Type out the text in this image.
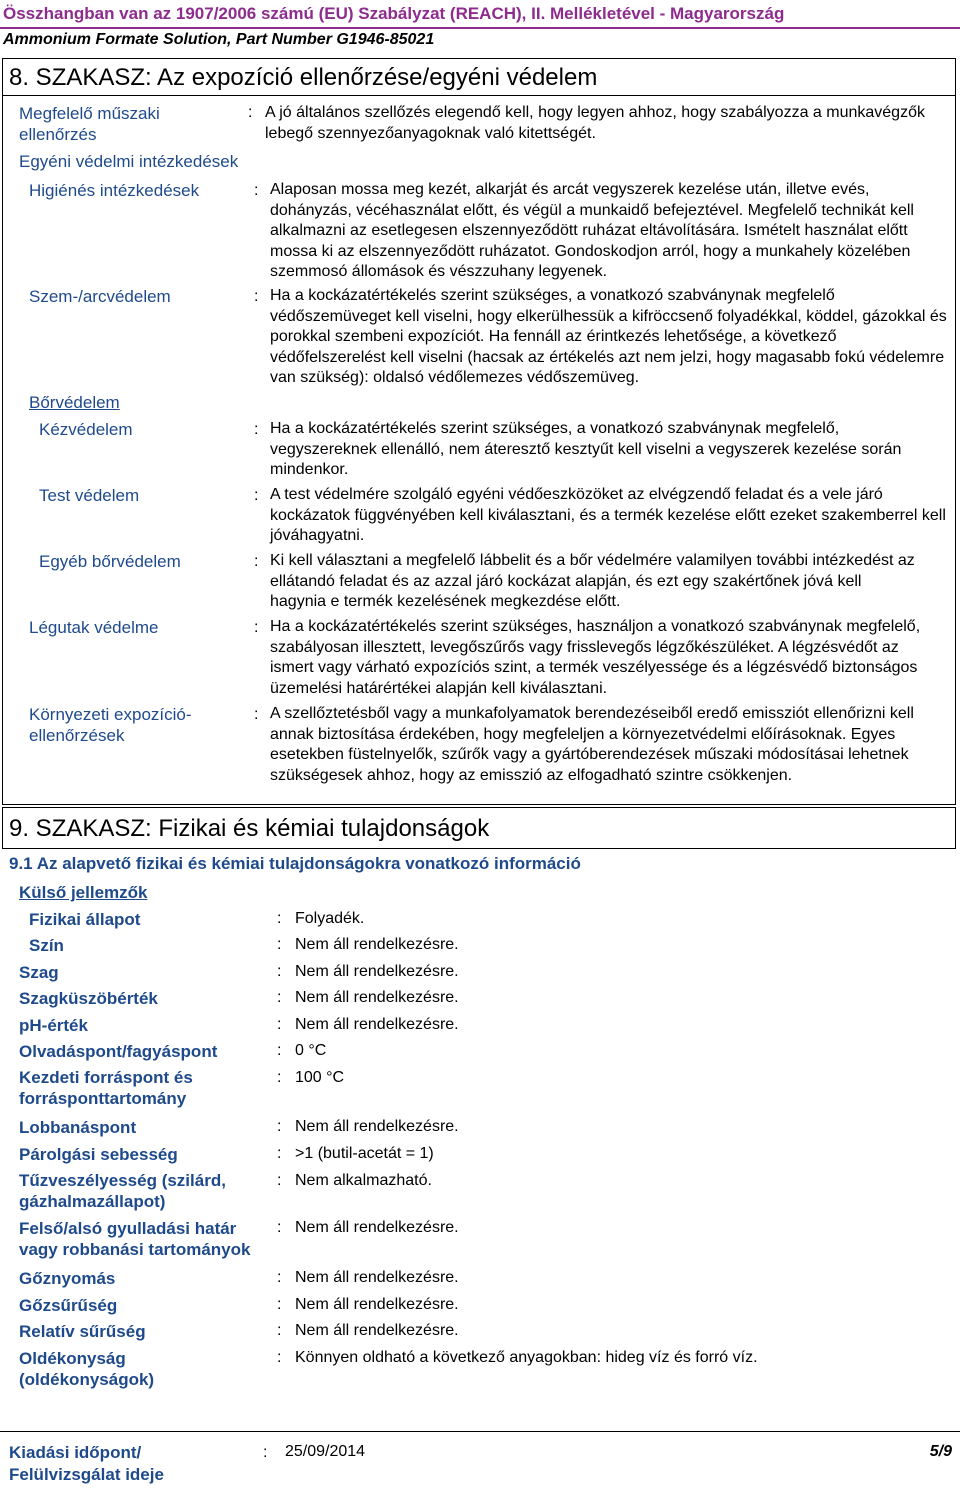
Összhangban van az 1907/2006 számú (EU) Szabályzat (REACH), II. Mellékletével - Magyarország
Ammonium Formate Solution, Part Number G1946-85021
8. SZAKASZ: Az expozíció ellenőrzése/egyéni védelem
Megfelelő műszaki ellenőrzés
: A jó általános szellőzés elegendő kell, hogy legyen ahhoz, hogy szabályozza a munkavégzők lebegő szennyezőanyagoknak való kitettségét.
Egyéni védelmi intézkedések
Higiénés intézkedések	: Alaposan mossa meg kezét, alkarját és arcát vegyszerek kezelése után, illetve evés, dohányzás, vécéhasználat előtt, és végül a munkaidő befejeztével. Megfelelő technikát kell alkalmazni az esetlegesen elszennyeződött ruházat eltávolítására. Ismételt használat előtt mossa ki az elszennyeződött ruházatot. Gondoskodjon arról, hogy a munkahely közelében szemmosó állomások és vészzuhany legyenek.
Szem-/arcvédelem	: Ha a kockázatértékelés szerint szükséges, a vonatkozó szabványnak megfelelő védőszemüveget kell viselni, hogy elkerülhessük a kifröccsenő folyadékkal, köddel, gázokkal és porokkal szembeni expozíciót. Ha fennáll az érintkezés lehetősége, a következő védőfelszerelést kell viselni (hacsak az értékelés azt nem jelzi, hogy magasabb fokú védelemre van szükség): oldalsó védőlemezes védőszemüveg.
Bőrvédelem
Kézvédelem	: Ha a kockázatértékelés szerint szükséges, a vonatkozó szabványnak megfelelő, vegyszereknek ellenálló, nem áteresztő kesztyűt kell viselni a vegyszerek kezelése során mindenkor.
Test védelem	: A test védelmére szolgáló egyéni védőeszközöket az elvégzendő feladat és a vele járó kockázatok függvényében kell kiválasztani, és a termék kezelése előtt ezeket szakemberrel kell jóváhagyatni.
Egyéb bőrvédelem	: Ki kell választani a megfelelő lábbelit és a bőr védelmére valamilyen további intézkedést az ellátandó feladat és az azzal járó kockázat alapján, és ezt egy szakértőnek jóvá kell hagynia e termék kezelésének megkezdése előtt.
Légutak védelme	: Ha a kockázatértékelés szerint szükséges, használjon a vonatkozó szabványnak megfelelő, szabályosan illesztett, levegőszűrős vagy frisslevegős légzőkészüléket. A légzésvédőt az ismert vagy várható expozíciós szint, a termék veszélyessége és a légzésvédő biztonságos üzemelési határértékei alapján kell kiválasztani.
Környezeti expozíció-ellenőrzések
: A szellőztetésből vagy a munkafolyamatok berendezéseiből eredő emissziót ellenőrizni kell annak biztosítása érdekében, hogy megfeleljen a környezetvédelmi előírásoknak. Egyes esetekben füstelnyelők, szűrők vagy a gyártóberendezések műszaki módosításai lehetnek szükségesek ahhoz, hogy az emisszió az elfogadható szintre csökkenjen.
9. SZAKASZ: Fizikai és kémiai tulajdonságok
9.1 Az alapvető fizikai és kémiai tulajdonságokra vonatkozó információ
Külső jellemzők
Fizikai állapot	: Folyadék.
Szín	: Nem áll rendelkezésre.
Szag	: Nem áll rendelkezésre.
Szagküszöbérték	: Nem áll rendelkezésre.
pH-érték	: Nem áll rendelkezésre.
Olvadáspont/fagyáspont	: 0 °C
Kezdeti forráspont és forrásponttartomány
: 100 °C
Lobbanáspont	: Nem áll rendelkezésre.
Párolgási sebesség	: >1 (butil-acetát = 1)
Tűzveszélyesség (szilárd, gázhalmazállapot)
: Nem alkalmazható.
Felső/alsó gyulladási határ vagy robbanási tartományok
: Nem áll rendelkezésre.
Gőznyomás	: Nem áll rendelkezésre.
Gőzsűrűség	: Nem áll rendelkezésre.
Relatív sűrűség	: Nem áll rendelkezésre.
Oldékonyság (oldékonyságok)
: Könnyen oldható a következő anyagokban: hideg víz és forró víz.
Kiadási időpont/ Felülvizsgálat ideje
: 25/09/2014	5/9
